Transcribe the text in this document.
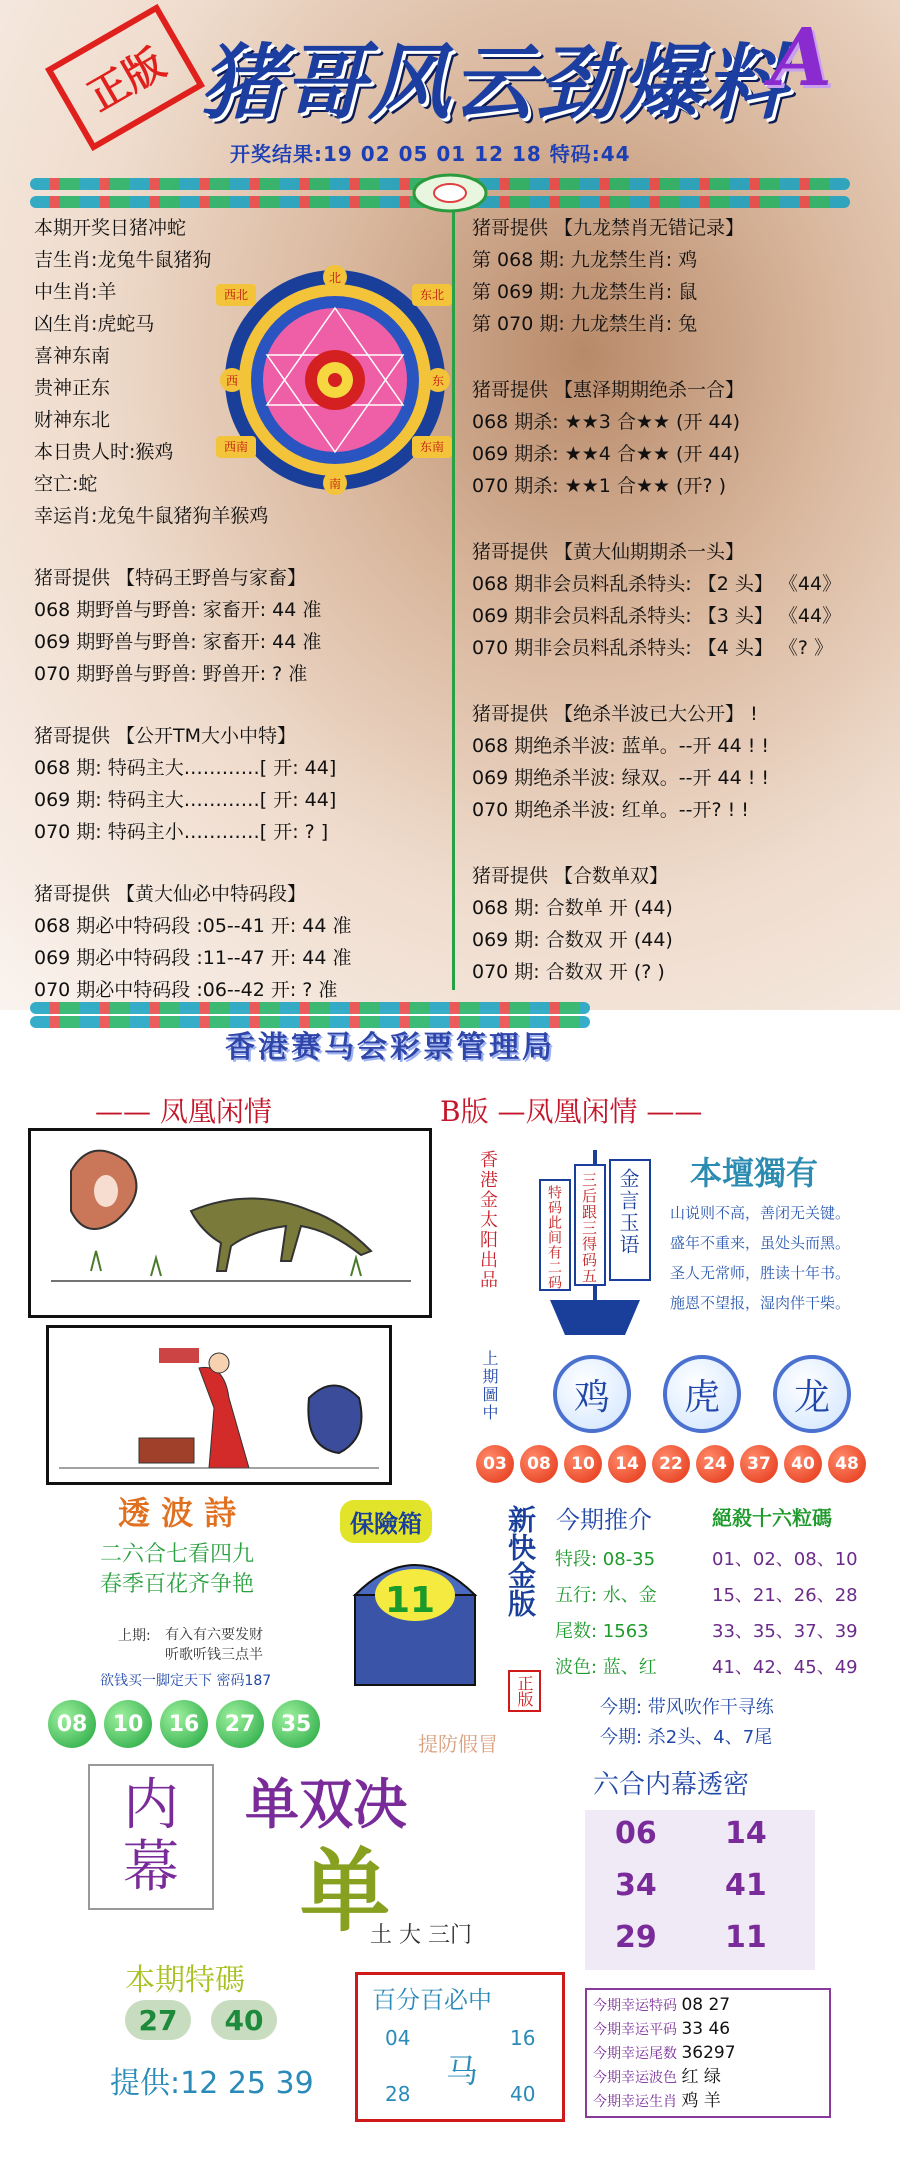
正版 猪哥风云劲爆料
A
开奖结果:19 02 05 01 12 18 特码:44
本期开奖日猪冲蛇
吉生肖:龙兔牛鼠猪狗
中生肖:羊
凶生肖:虎蛇马
喜神东南
贵神正东
财神东北
本日贵人时:猴鸡
空亡:蛇
幸运肖:龙兔牛鼠猪狗羊猴鸡
猪哥提供 【特码王野兽与家畜】
068 期野兽与野兽: 家畜开: 44 准
069 期野兽与野兽: 家畜开: 44 准
070 期野兽与野兽: 野兽开: ? 准
猪哥提供 【公开TM大小中特】
068 期: 特码主大…………[ 开: 44]
069 期: 特码主大…………[ 开: 44]
070 期: 特码主小…………[ 开: ? ]
猪哥提供 【黄大仙必中特码段】
068 期必中特码段 :05--41 开: 44 准
069 期必中特码段 :11--47 开: 44 准
070 期必中特码段 :06--42 开: ? 准
北
东
南
西
西南
西北	东北
东南
猪哥提供 【九龙禁肖无错记录】
第 068 期: 九龙禁生肖: 鸡
第 069 期: 九龙禁生肖: 鼠
第 070 期: 九龙禁生肖: 兔
猪哥提供 【惠泽期期绝杀一合】
068 期杀: ★★3 合★★ (开 44)
069 期杀: ★★4 合★★ (开 44)
070 期杀: ★★1 合★★ (开? )
猪哥提供 【黄大仙期期杀一头】
068 期非会员料乱杀特头: 【2 头】 《44》
069 期非会员料乱杀特头: 【3 头】 《44》
070 期非会员料乱杀特头: 【4 头】 《? 》
猪哥提供 【绝杀半波已大公开】 !
068 期绝杀半波: 蓝单。--开 44 ! !
069 期绝杀半波: 绿双。--开 44 ! !
070 期绝杀半波: 红单。--开? ! !
猪哥提供 【合数单双】
068 期: 合数单 开 (44)
069 期: 合数双 开 (44)
070 期: 合数双 开 (? )
香港赛马会彩票管理局
—— 凤凰闲情	B版 —凤凰闲情 ——
香港金太阳出品	金言玉语
三后跟三得码五
特码此间有二码
本壇獨有
山说则不高，善闭无关键。
盛年不重来，虽处头而黑。
圣人无常师，胜读十年书。
施恩不望报，湿肉伴干柴。
上期圖中	鸡	虎	龙
03	08	10	14	22	24	37	40	48
透 波 詩
二六合七看四九
春季百花齐争艳
上期: 有入有六要发财
听歌听钱三点半
欲钱买一脚定天下 密码187
08	10	16	27	35
保險箱
11
提防假冒
新快金版
正版
今期推介
特段: 08-35
五行: 水、金
尾数: 1563
波色: 蓝、红
絕殺十六粒碼
01、02、08、10
15、21、26、28
33、35、37、39
41、42、45、49
今期: 带风吹作干寻练
今期: 杀2头、4、7尾
内幕
单双决
单
土 大 三门
本期特碼
27	40
提供:12 25 39
百分百必中
04	16
28	40
马
六合内幕透密
06 14
34 41
29 11
今期幸运特码 08 27
今期幸运平码 33 46
今期幸运尾数 36297
今期幸运波色 红 绿
今期幸运生肖 鸡 羊
